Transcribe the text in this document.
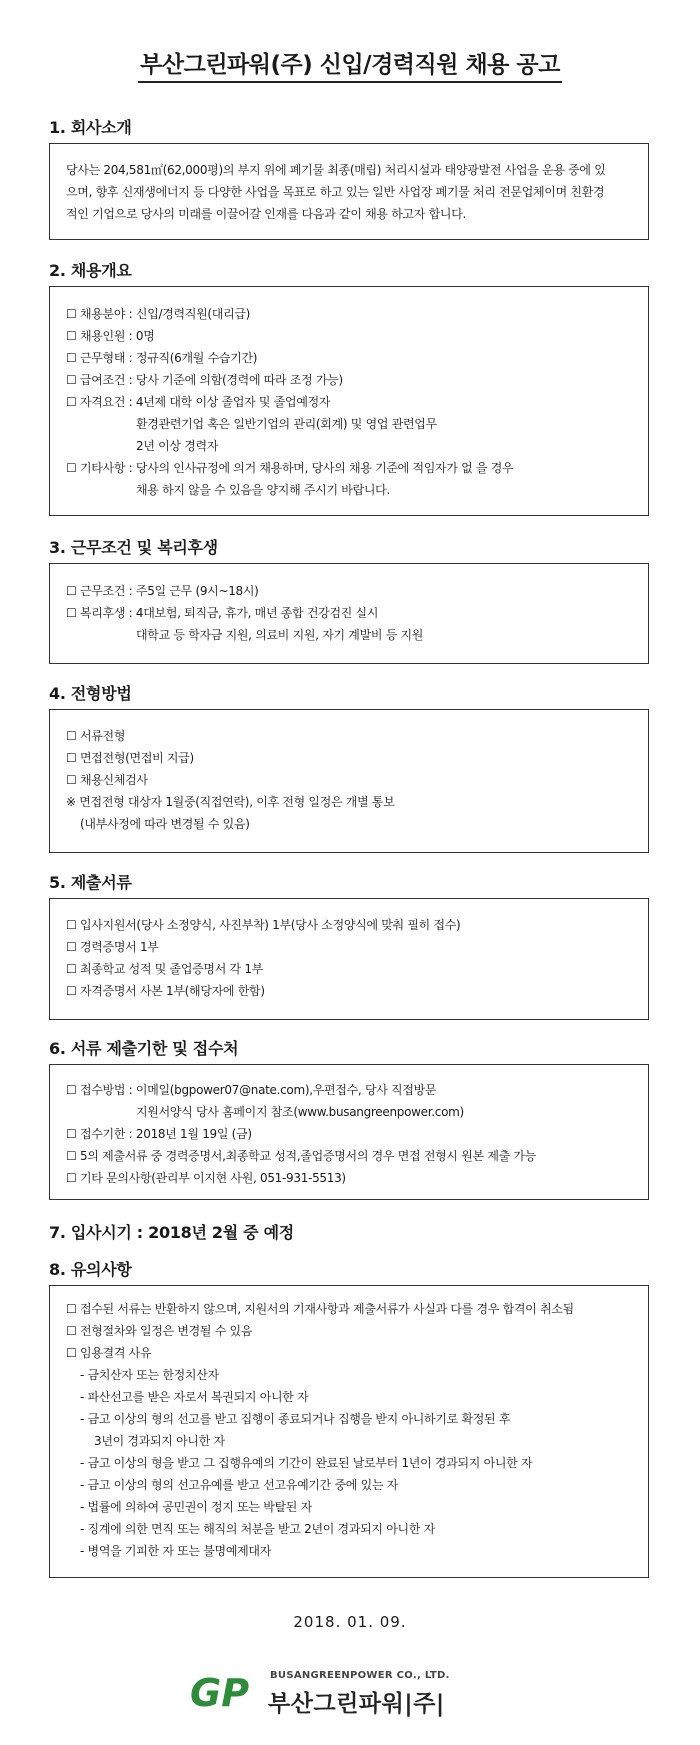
부산그린파워(주) 신입/경력직원 채용 공고
1. 회사소개
당사는 204,581㎡(62,000평)의 부지 위에 폐기물 최종(매립) 처리시설과 태양광발전 사업을 운용 중에 있
으며, 향후 신재생에너지 등 다양한 사업을 목표로 하고 있는 일반 사업장 폐기물 처리 전문업체이며 친환경
적인 기업으로 당사의 미래를 이끌어갈 인재를 다음과 같이 채용 하고자 합니다.
2. 채용개요
☐ 채용분야 : 신입/경력직원(대리급)
☐ 채용인원 : 0명
☐ 근무형태 : 정규직(6개월 수습기간)
☐ 급여조건 : 당사 기준에 의함(경력에 따라 조정 가능)
☐ 자격요건 : 4년제 대학 이상 졸업자 및 졸업예정자
환경관련기업 혹은 일반기업의 관리(회계) 및 영업 관련업무
2년 이상 경력자
☐ 기타사항 : 당사의 인사규정에 의거 채용하며, 당사의 채용 기준에 적임자가 없 을 경우
채용 하지 않을 수 있음을 양지해 주시기 바랍니다.
3. 근무조건 및 복리후생
☐ 근무조건 : 주5일 근무 (9시~18시)
☐ 복리후생 : 4대보험, 퇴직금, 휴가, 매년 종합 건강검진 실시
대학교 등 학자금 지원, 의료비 지원, 자기 계발비 등 지원
4. 전형방법
☐ 서류전형
☐ 면접전형(면접비 지급)
☐ 채용신체검사
※ 면접전형 대상자 1월중(직접연락), 이후 전형 일정은 개별 통보
(내부사정에 따라 변경될 수 있음)
5. 제출서류
☐ 입사지원서(당사 소정양식, 사진부착) 1부(당사 소정양식에 맞춰 필히 접수)
☐ 경력증명서 1부
☐ 최종학교 성적 및 졸업증명서 각 1부
☐ 자격증명서 사본 1부(해당자에 한함)
6. 서류 제출기한 및 접수처
☐ 접수방법 : 이메일(bgpower07@nate.com),우편접수, 당사 직접방문
지원서양식 당사 홈페이지 참조(www.busangreenpower.com)
☐ 접수기한 : 2018년 1월 19일 (금)
☐ 5의 제출서류 중 경력증명서,최종학교 성적,졸업증명서의 경우 면접 전형시 원본 제출 가능
☐ 기타 문의사항(관리부 이지현 사원, 051-931-5513)
7. 입사시기 : 2018년 2월 중 예정
8. 유의사항
☐ 접수된 서류는 반환하지 않으며, 지원서의 기재사항과 제출서류가 사실과 다를 경우 합격이 취소됨
☐ 전형절차와 일정은 변경될 수 있음
☐ 임용결격 사유
- 금치산자 또는 한정치산자
- 파산선고를 받은 자로서 복권되지 아니한 자
- 금고 이상의 형의 선고를 받고 집행이 종료되거나 집행을 받지 아니하기로 확정된 후
3년이 경과되지 아니한 자
- 금고 이상의 형을 받고 그 집행유예의 기간이 완료된 날로부터 1년이 경과되지 아니한 자
- 금고 이상의 형의 선고유예를 받고 선고유예기간 중에 있는 자
- 법률에 의하여 공민권이 정지 또는 박탈된 자
- 징계에 의한 면직 또는 해직의 처분을 받고 2년이 경과되지 아니한 자
- 병역을 기피한 자 또는 불명예제대자
2018. 01. 09.
GP BUSANGREENPOWER CO., LTD.
부산그린파워|주|
